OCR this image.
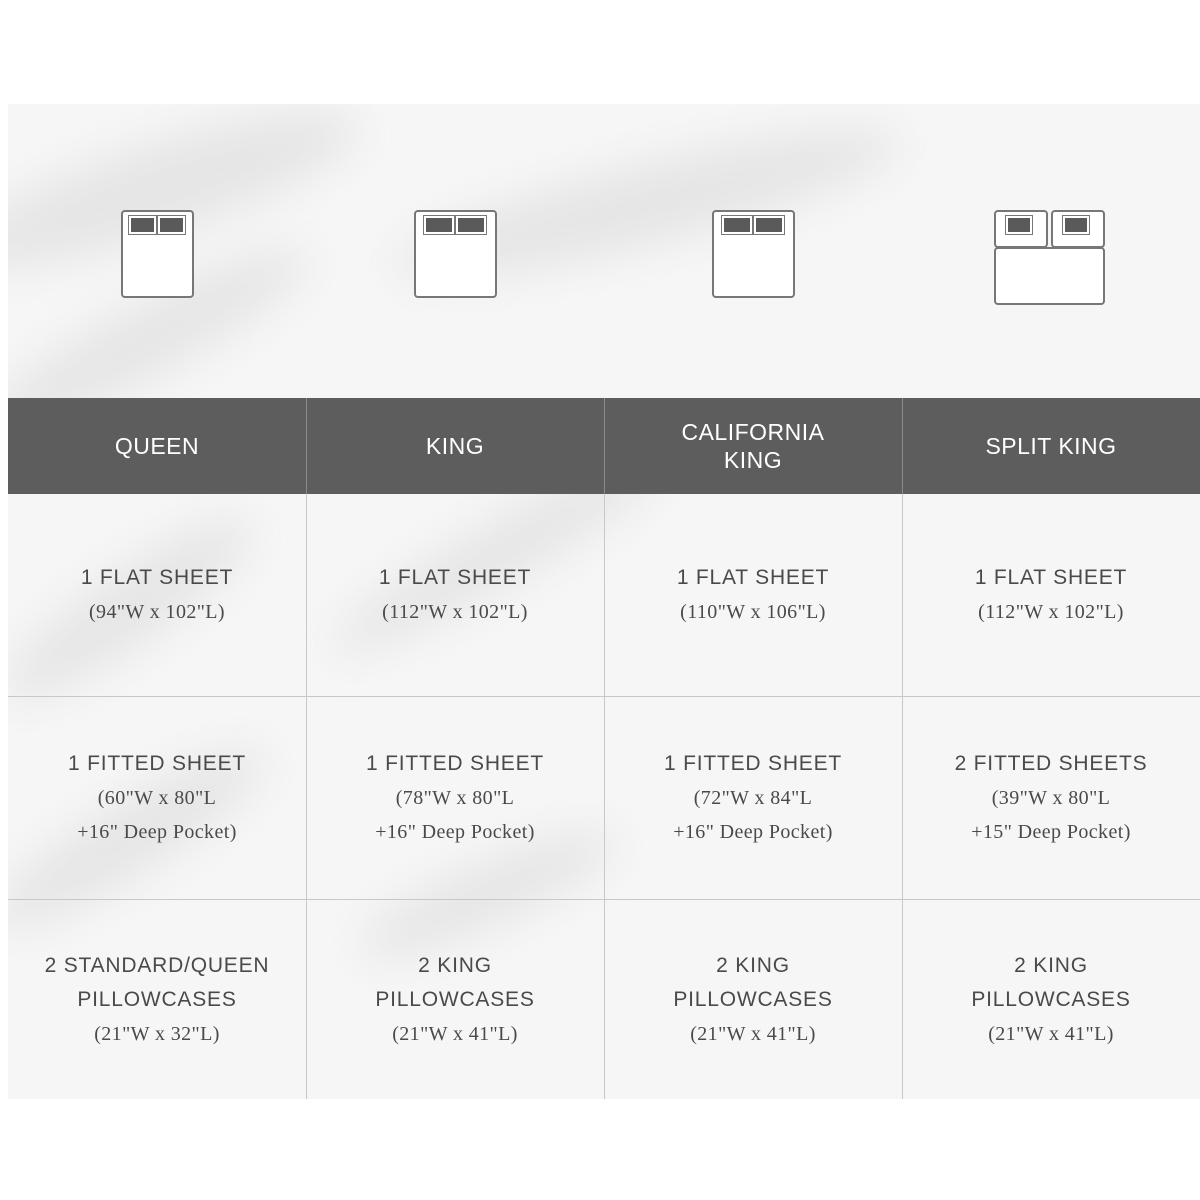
QUEEN	KING
CALIFORNIA
KING
SPLIT KING
1 FLAT SHEET
(94"W x 102"L)
1 FLAT SHEET
(112"W x 102"L)
1 FLAT SHEET
(110"W x 106"L)
1 FLAT SHEET
(112"W x 102"L)
1 FITTED SHEET
(60"W x 80"L
+16" Deep Pocket)
1 FITTED SHEET
(78"W x 80"L
+16" Deep Pocket)
1 FITTED SHEET
(72"W x 84"L
+16" Deep Pocket)
2 FITTED SHEETS
(39"W x 80"L
+15" Deep Pocket)
2 STANDARD/QUEEN
PILLOWCASES
(21"W x 32"L)
2 KING
PILLOWCASES
(21"W x 41"L)
2 KING
PILLOWCASES
(21"W x 41"L)
2 KING
PILLOWCASES
(21"W x 41"L)
